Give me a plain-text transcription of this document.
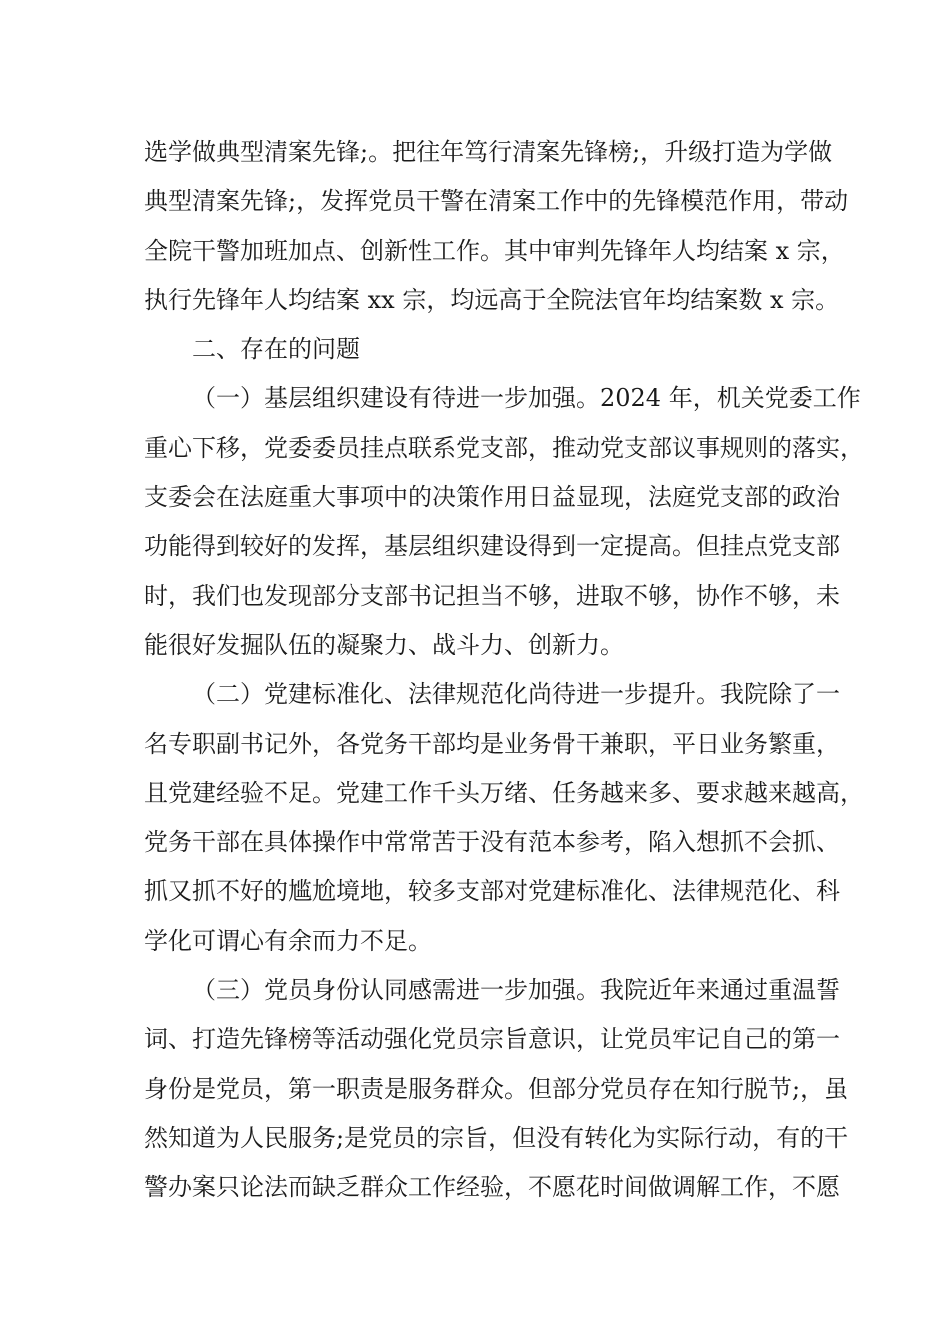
选学做典型清案先锋;。把往年笃行清案先锋榜;，升级打造为学做
典型清案先锋;，发挥党员干警在清案工作中的先锋模范作用，带动
全院干警加班加点、创新性工作。其中审判先锋年人均结案 x 宗，
执行先锋年人均结案 xx 宗，均远高于全院法官年均结案数 x 宗。
二、存在的问题
（一）基层组织建设有待进一步加强。2024 年，机关党委工作
重心下移，党委委员挂点联系党支部，推动党支部议事规则的落实，
支委会在法庭重大事项中的决策作用日益显现，法庭党支部的政治
功能得到较好的发挥，基层组织建设得到一定提高。但挂点党支部
时，我们也发现部分支部书记担当不够，进取不够，协作不够，未
能很好发掘队伍的凝聚力、战斗力、创新力。
（二）党建标准化、法律规范化尚待进一步提升。我院除了一
名专职副书记外，各党务干部均是业务骨干兼职，平日业务繁重，
且党建经验不足。党建工作千头万绪、任务越来多、要求越来越高，
党务干部在具体操作中常常苦于没有范本参考，陷入想抓不会抓、
抓又抓不好的尴尬境地，较多支部对党建标准化、法律规范化、科
学化可谓心有余而力不足。
（三）党员身份认同感需进一步加强。我院近年来通过重温誓
词、打造先锋榜等活动强化党员宗旨意识，让党员牢记自己的第一
身份是党员，第一职责是服务群众。但部分党员存在知行脱节;，虽
然知道为人民服务;是党员的宗旨，但没有转化为实际行动，有的干
警办案只论法而缺乏群众工作经验，不愿花时间做调解工作，不愿
